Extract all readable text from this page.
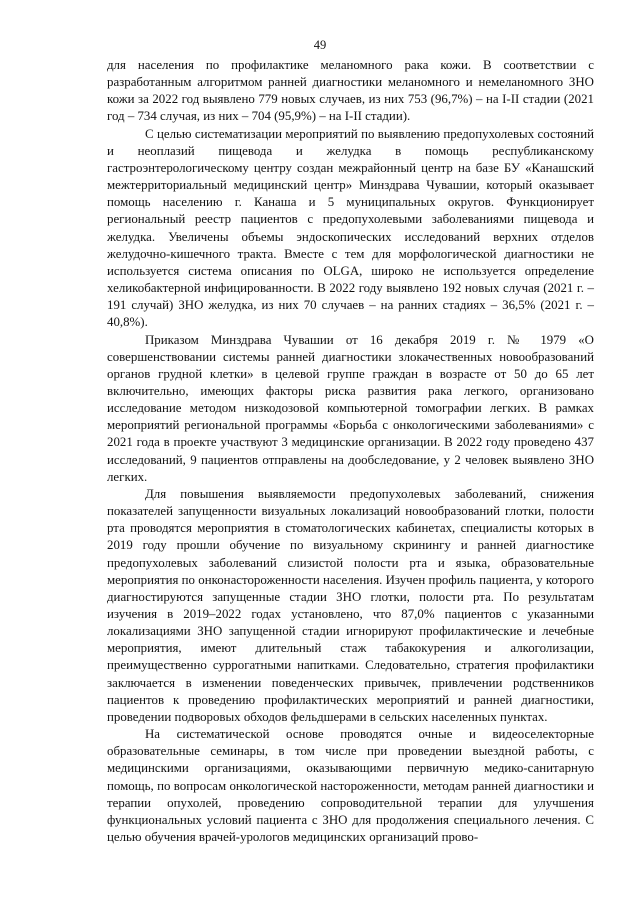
49

для населения по профилактике меланомного рака кожи. В соответствии с разработанным алгоритмом ранней диагностики меланомного и немеланомного ЗНО кожи за 2022 год выявлено 779 новых случаев, из них 753 (96,7%) – на I-II стадии (2021 год – 734 случая, из них – 704 (95,9%) – на I-II стадии).

С целью систематизации мероприятий по выявлению предопухолевых состояний и неоплазий пищевода и желудка в помощь республиканскому гастроэнтерологическому центру создан межрайонный центр на базе БУ «Канашский межтерриториальный медицинский центр» Минздрава Чувашии, который оказывает помощь населению г. Канаша и 5 муниципальных округов. Функционирует региональный реестр пациентов с предопухолевыми заболеваниями пищевода и желудка. Увеличены объемы эндоскопических исследований верхних отделов желудочно-кишечного тракта. Вместе с тем для морфологической диагностики не используется система описания по OLGA, широко не используется определение хеликобактерной инфицированности. В 2022 году выявлено 192 новых случая (2021 г. – 191 случай) ЗНО желудка, из них 70 случаев – на ранних стадиях – 36,5% (2021 г. – 40,8%).

Приказом Минздрава Чувашии от 16 декабря 2019 г. № 1979 «О совершенствовании системы ранней диагностики злокачественных новообразований органов грудной клетки» в целевой группе граждан в возрасте от 50 до 65 лет включительно, имеющих факторы риска развития рака легкого, организовано исследование методом низкодозовой компьютерной томографии легких. В рамках мероприятий региональной программы «Борьба с онкологическими заболеваниями» с 2021 года в проекте участвуют 3 медицинские организации. В 2022 году проведено 437 исследований, 9 пациентов отправлены на дообследование, у 2 человек выявлено ЗНО легких.

Для повышения выявляемости предопухолевых заболеваний, снижения показателей запущенности визуальных локализаций новообразований глотки, полости рта проводятся мероприятия в стоматологических кабинетах, специалисты которых в 2019 году прошли обучение по визуальному скринингу и ранней диагностике предопухолевых заболеваний слизистой полости рта и языка, образовательные мероприятия по онконастороженности населения. Изучен профиль пациента, у которого диагностируются запущенные стадии ЗНО глотки, полости рта. По результатам изучения в 2019–2022 годах установлено, что 87,0% пациентов с указанными локализациями ЗНО запущенной стадии игнорируют профилактические и лечебные мероприятия, имеют длительный стаж табакокурения и алкоголизации, преимущественно суррогатными напитками. Следовательно, стратегия профилактики заключается в изменении поведенческих привычек, привлечении родственников пациентов к проведению профилактических мероприятий и ранней диагностики, проведении подворовых обходов фельдшерами в сельских населенных пунктах.

На систематической основе проводятся очные и видеоселекторные образовательные семинары, в том числе при проведении выездной работы, с медицинскими организациями, оказывающими первичную медико-санитарную помощь, по вопросам онкологической настороженности, методам ранней диагностики и терапии опухолей, проведению сопроводительной терапии для улучшения функциональных условий пациента с ЗНО для продолжения специального лечения. С целью обучения врачей-урологов медицинских организаций прово-
